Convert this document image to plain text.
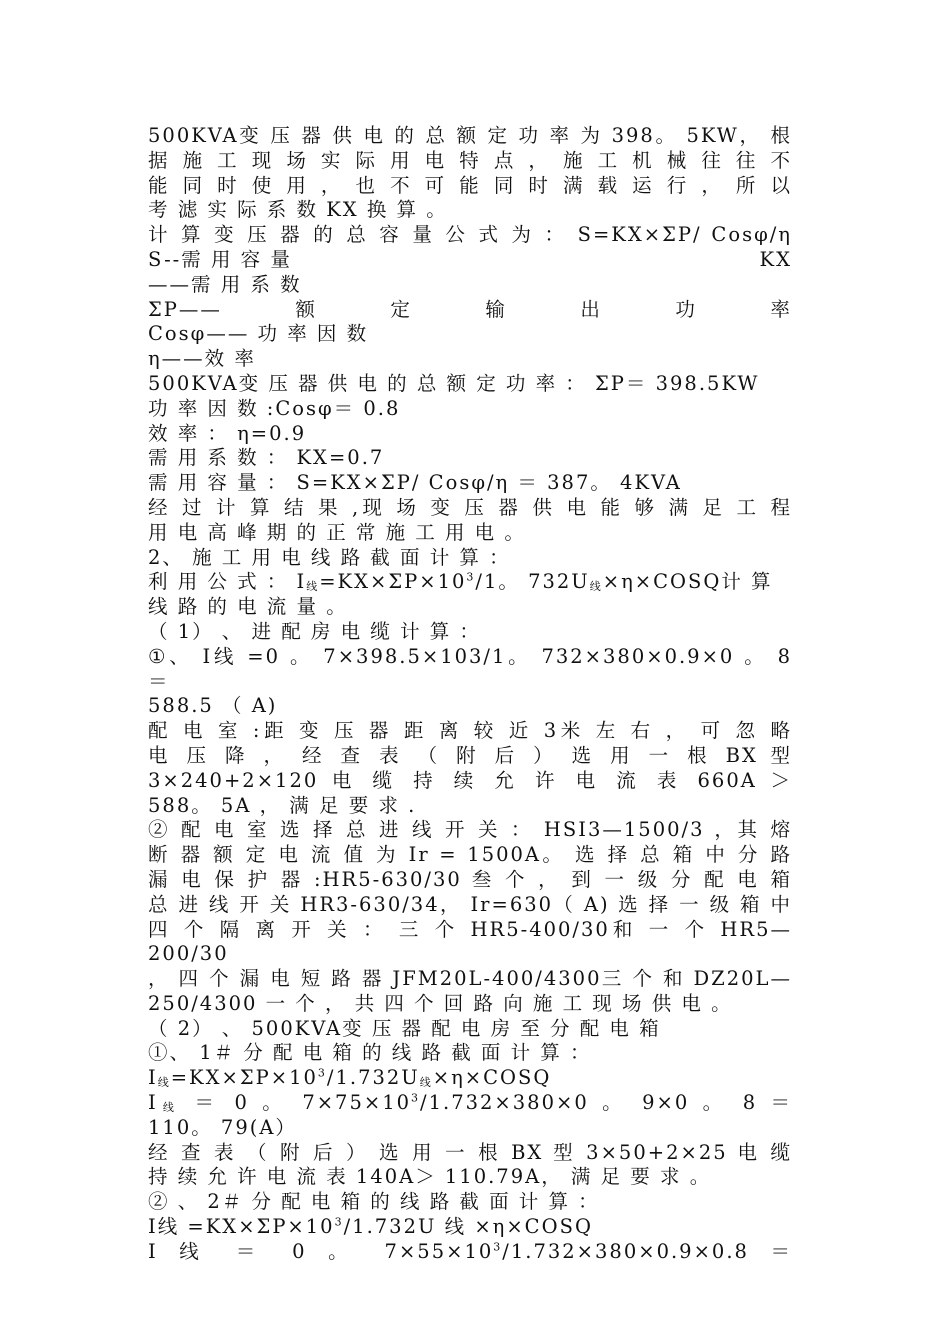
500KVA变 压 器 供 电 的 总 额 定 功 率 为 398。 5KW， 根
据 施 工 现 场 实 际 用 电 特 点 ， 施 工 机 械 往 往 不
能 同 时 使 用 ， 也 不 可 能 同 时 满 载 运 行 ， 所 以
考 滤 实 际 系 数 KX 换 算 。
计 算 变 压 器 的 总 容 量 公 式 为 ： S=KX×ΣP/ Cosφ/η
S--需 用 容 量	KX
——需 用 系 数
ΣP——	额	定	输	出	功	率
Cosφ—— 功 率 因 数
η——效 率
500KVA变 压 器 供 电 的 总 额 定 功 率 ： ΣP＝ 398.5KW
功 率 因 数 :Cosφ＝ 0.8
效 率 ： η=0.9
需 用 系 数 ： KX=0.7
需 用 容 量 ： S=KX×ΣP/ Cosφ/η ＝ 387。 4KVA
经 过 计 算 结 果 ,现 场 变 压 器 供 电 能 够 满 足 工 程
用 电 高 峰 期 的 正 常 施 工 用 电 。
2、 施 工 用 电 线 路 截 面 计 算 ：
利 用 公 式 ： $I_线=KX\times\Sigma P\times 10^3/1$。 $732U_线\times\eta\times COSQ$计 算
线 路 的 电 流 量 。
（ 1） 、 进 配 房 电 缆 计 算 ：
①、 I线 =0 。 7×398.5×103/1。 732×380×0.9×0 。 8 ＝
588.5 （ A)
配 电 室 :距 变 压 器 距 离 较 近 3米 左 右 ， 可 忽 略
电 压 降 ， 经 查 表 （ 附 后 ） 选 用 一 根 BX 型
3×240+2×120 电 缆 持 续 允 许 电 流 表 660A ＞
588。 5A ， 满 足 要 求 .
② 配 电 室 选 择 总 进 线 开 关 ： HSI3—1500/3 ，其 熔
断 器 额 定 电 流 值 为 Ir = 1500A。 选 择 总 箱 中 分 路
漏 电 保 护 器 :HR5-630/30 叁 个 ， 到 一 级 分 配 电 箱
总 进 线 开 关 HR3-630/34， Ir=630（ A) 选 择 一 级 箱 中
四 个 隔 离 开 关 ： 三 个 HR5-400/30和 一 个 HR5—200/30
， 四 个 漏 电 短 路 器 JFM20L-400/4300三 个 和 DZ20L—
250/4300 一 个 ， 共 四 个 回 路 向 施 工 现 场 供 电 。
（ 2） 、 500KVA变 压 器 配 电 房 至 分 配 电 箱
①、 1＃ 分 配 电 箱 的 线 路 截 面 计 算 ：
$I_线=KX\times\Sigma P\times 10^3/1.732U_线\times\eta\times COSQ$
$I_线 = 0$ 。 $7\times 75\times 10^3/1.732\times 380\times 0$ 。 9×0 。 8 ＝
110。 79(A）
经 查 表 （ 附 后 ） 选 用 一 根 BX 型 3×50+2×25 电 缆
持 续 允 许 电 流 表 140A＞ 110.79A， 满 足 要 求 。
② 、 2＃ 分 配 电 箱 的 线 路 截 面 计 算 ：
I线 $=KX\times\Sigma P\times 10^3/1.732U$ 线 ×η×COSQ
I 线 ＝ 0 。 $7\times 55\times 10^3/1.732\times 380\times 0.9\times 0.8$ ＝
